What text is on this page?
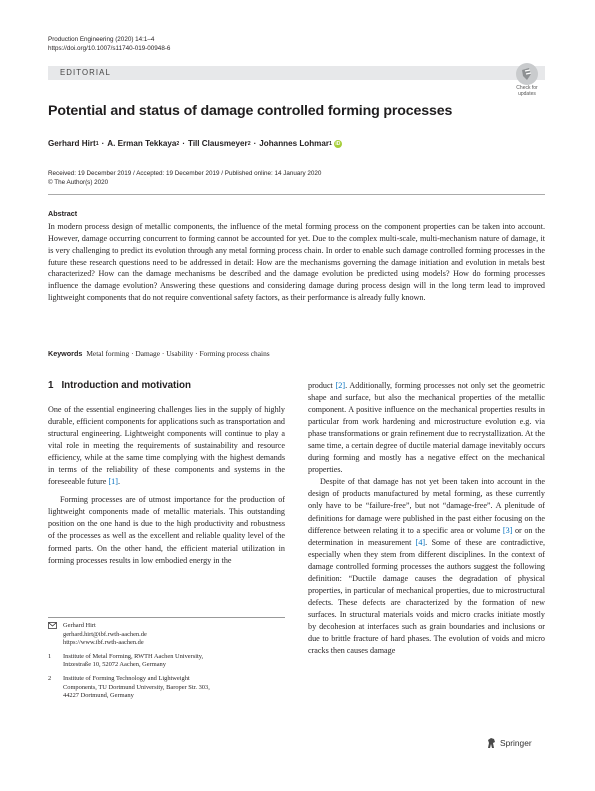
Production Engineering (2020) 14:1–4
https://doi.org/10.1007/s11740-019-00948-6
EDITORIAL
Check for
updates
Potential and status of damage controlled forming processes
Gerhard Hirt 1 · A. Erman Tekkaya 2 · Till Clausmeyer 2 · Johannes Lohmar 1 iD
Received: 19 December 2019 / Accepted: 19 December 2019 / Published online: 14 January 2020
© The Author(s) 2020
Abstract
In modern process design of metallic components, the influence of the metal forming process on the component properties can be taken into account. However, damage occurring concurrent to forming cannot be accounted for yet. Due to the complex multi-scale, multi-mechanism nature of damage, it is very challenging to predict its evolution through any metal forming process chain. In order to enable such damage controlled forming processes in the future these research questions need to be addressed in detail: How are the mechanisms governing the damage initiation and evolution in metals best characterized? How can the damage mechanisms be described and the damage evolution be predicted using models? How do forming processes influence the damage evolution? Answering these questions and considering damage during process design will in the long term lead to improved lightweight components that do not require conventional safety factors, as their performance is already fully known.
Keywords Metal forming · Damage · Usability · Forming process chains
1 Introduction and motivation

One of the essential engineering challenges lies in the supply of highly durable, efficient components for applications such as transportation and structural engineering. Lightweight components will continue to play a vital role in meeting the requirements of sustainability and resource efficiency, while at the same time complying with the highest demands in terms of the reliability of these components and systems in the foreseeable future [1].

Forming processes are of utmost importance for the production of lightweight components made of metallic materials. This outstanding position on the one hand is due to the high productivity and robustness of the processes as well as the excellent and reliable quality level of the formed parts. On the other hand, the efficient material utilization in forming processes results in low embodied energy in the

product [2]. Additionally, forming processes not only set the geometric shape and surface, but also the mechanical properties of the metallic component. A positive influence on the mechanical properties results in particular from work hardening and microstructure evolution e.g. via phase transformations or grain refinement due to recrystallization. At the same time, a certain degree of ductile material damage inevitably occurs during forming and mostly has a negative effect on the mechanical properties.

Despite of that damage has not yet been taken into account in the design of products manufactured by metal forming, as these currently only have to be “failure-free”, but not “damage-free”. A plenitude of definitions for damage were published in the past either focusing on the difference between relating it to a specific area or volume [3] or on the determination in measurement [4]. Some of these are contradictive, especially when they stem from different disciplines. In the context of damage controlled forming processes the authors suggest the following definition: “Ductile damage causes the degradation of physical properties, in particular of mechanical properties, due to microstructural defects. These defects are characterized by the formation of new surfaces. In structural materials voids and micro cracks initiate mostly by decohesion at interfaces such as grain boundaries and inclusions or due to brittle fracture of hard phases. The evolution of voids and micro cracks then causes damage

Gerhard Hirt
gerhard.hirt@ibf.rwth-aachen.de
https://www.ibf.rwth-aachen.de
1	Institute of Metal Forming, RWTH Aachen University,
Intzestraße 10, 52072 Aachen, Germany
2	Institute of Forming Technology and Lightweight
Components, TU Dortmund University, Baroper Str. 303,
44227 Dortmund, Germany
Springer
